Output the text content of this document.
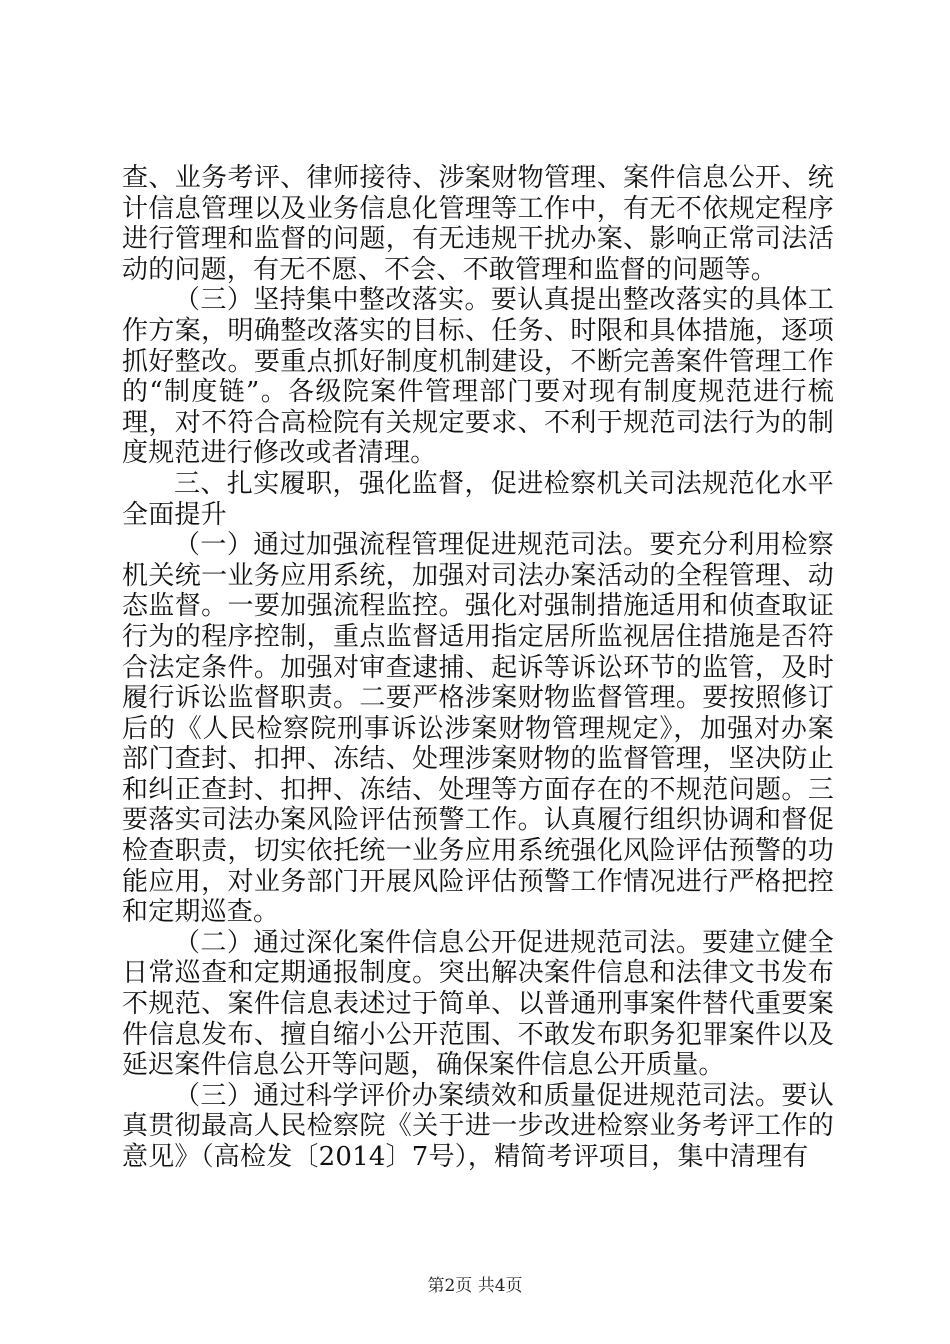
查、业务考评、律师接待、涉案财物管理、案件信息公开、统计信息管理以及业务信息化管理等工作中，有无不依规定程序进行管理和监督的问题，有无违规干扰办案、影响正常司法活动的问题，有无不愿、不会、不敢管理和监督的问题等。

（三）坚持集中整改落实。要认真提出整改落实的具体工作方案，明确整改落实的目标、任务、时限和具体措施，逐项抓好整改。要重点抓好制度机制建设，不断完善案件管理工作的“制度链”。各级院案件管理部门要对现有制度规范进行梳理，对不符合高检院有关规定要求、不利于规范司法行为的制度规范进行修改或者清理。

三、扎实履职，强化监督，促进检察机关司法规范化水平全面提升

（一）通过加强流程管理促进规范司法。要充分利用检察机关统一业务应用系统，加强对司法办案活动的全程管理、动态监督。一要加强流程监控。强化对强制措施适用和侦查取证行为的程序控制，重点监督适用指定居所监视居住措施是否符合法定条件。加强对审查逮捕、起诉等诉讼环节的监管，及时履行诉讼监督职责。二要严格涉案财物监督管理。要按照修订后的《人民检察院刑事诉讼涉案财物管理规定》，加强对办案部门查封、扣押、冻结、处理涉案财物的监督管理，坚决防止和纠正查封、扣押、冻结、处理等方面存在的不规范问题。三要落实司法办案风险评估预警工作。认真履行组织协调和督促检查职责，切实依托统一业务应用系统强化风险评估预警的功能应用，对业务部门开展风险评估预警工作情况进行严格把控和定期巡查。

（二）通过深化案件信息公开促进规范司法。要建立健全日常巡查和定期通报制度。突出解决案件信息和法律文书发布不规范、案件信息表述过于简单、以普通刑事案件替代重要案件信息发布、擅自缩小公开范围、不敢发布职务犯罪案件以及延迟案件信息公开等问题，确保案件信息公开质量。

（三）通过科学评价办案绩效和质量促进规范司法。要认真贯彻最高人民检察院《关于进一步改进检察业务考评工作的意见》（高检发〔2014〕7号），精简考评项目，集中清理有

第2页 共4页
